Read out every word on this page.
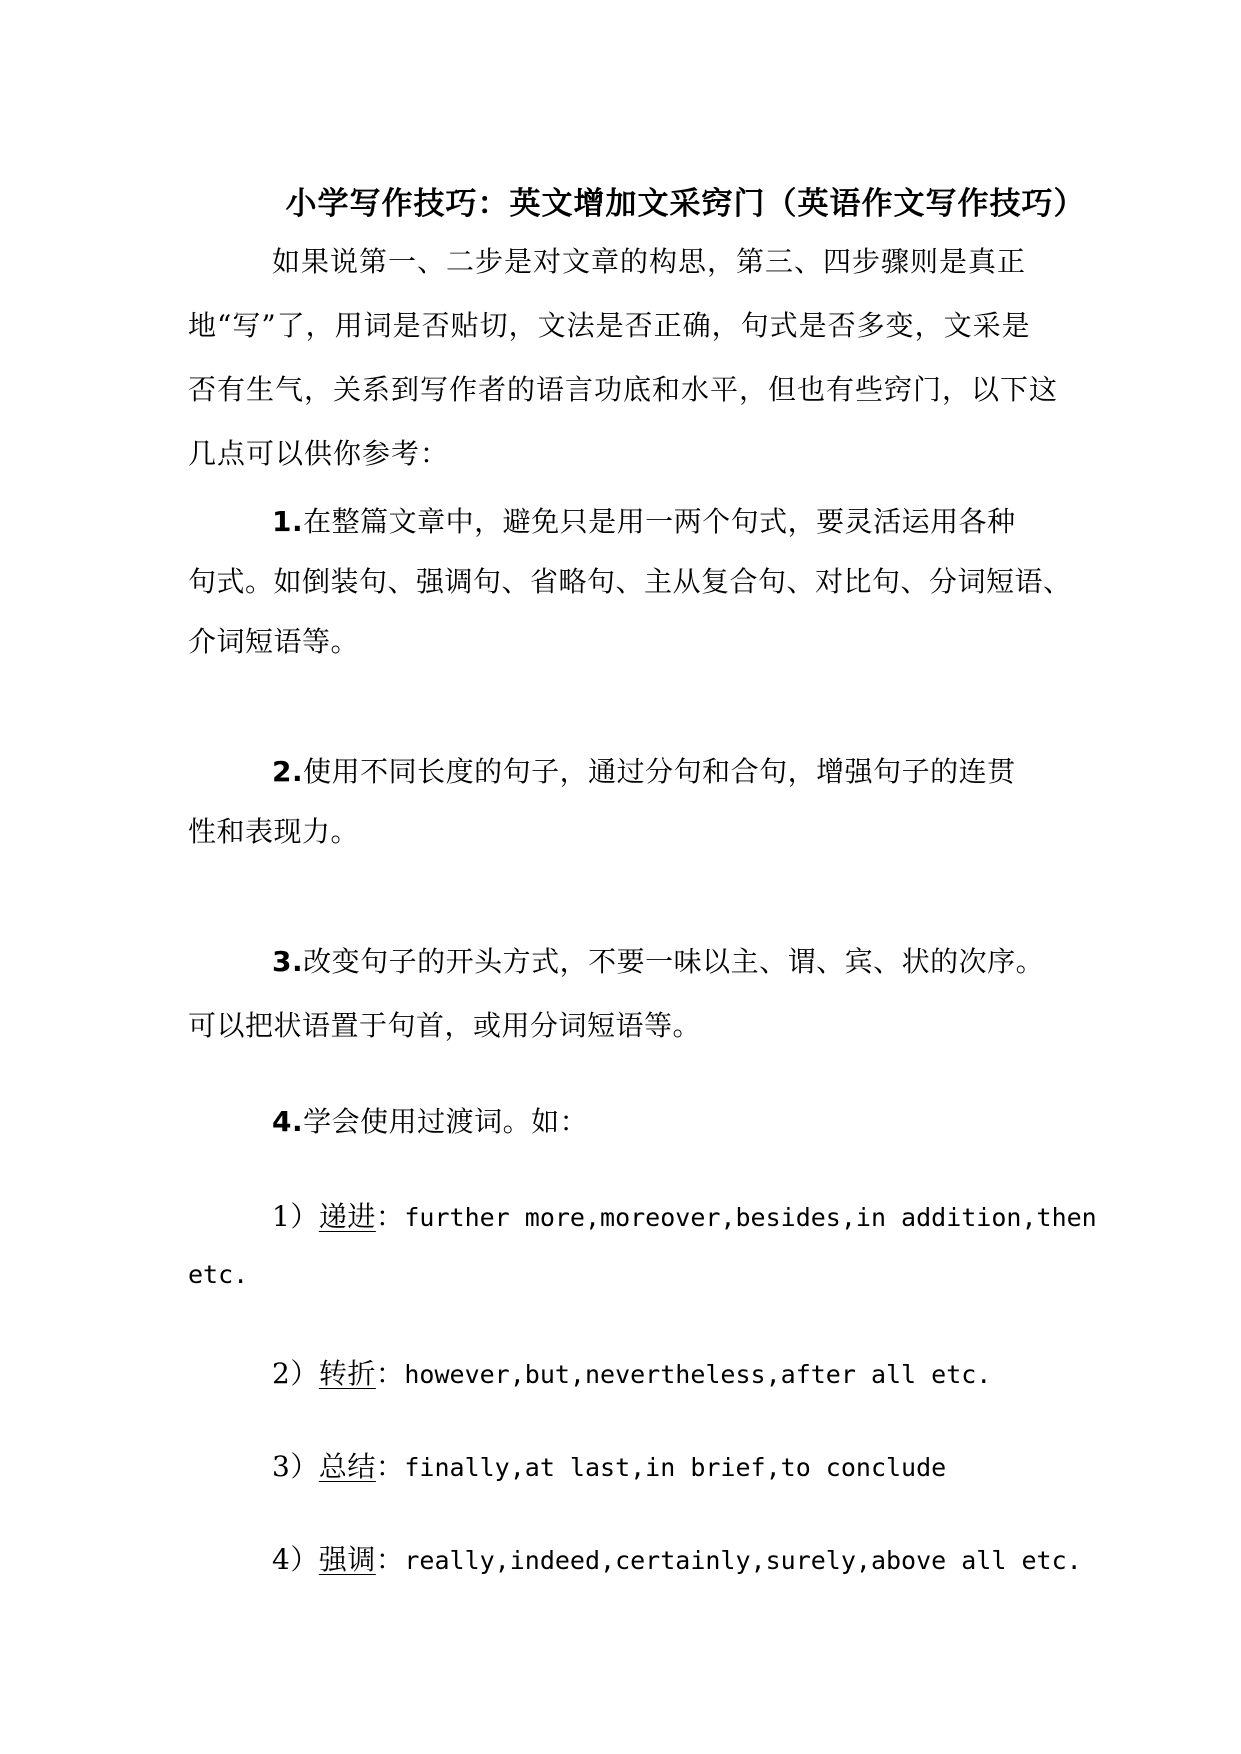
小学写作技巧：英文增加文采窍门（英语作文写作技巧）
如果说第一、二步是对文章的构思，第三、四步骤则是真正地“写”了，用词是否贴切，文法是否正确，句式是否多变，文采是否有生气，关系到写作者的语言功底和水平，但也有些窍门，以下这几点可以供你参考：
1.在整篇文章中，避免只是用一两个句式，要灵活运用各种
句式。如倒装句、强调句、省略句、主从复合句、对比句、分词短语、
介词短语等。
2.使用不同长度的句子，通过分句和合句，增强句子的连贯
性和表现力。
3.改变句子的开头方式，不要一味以主、谓、宾、状的次序。
可以把状语置于句首，或用分词短语等。
4.学会使用过渡词。如：
1）递进：further more,moreover,besides,in addition,then
etc.
2）转折：however,but,nevertheless,after all etc.
3）总结：finally,at last,in brief,to conclude
4）强调：really,indeed,certainly,surely,above all etc.
